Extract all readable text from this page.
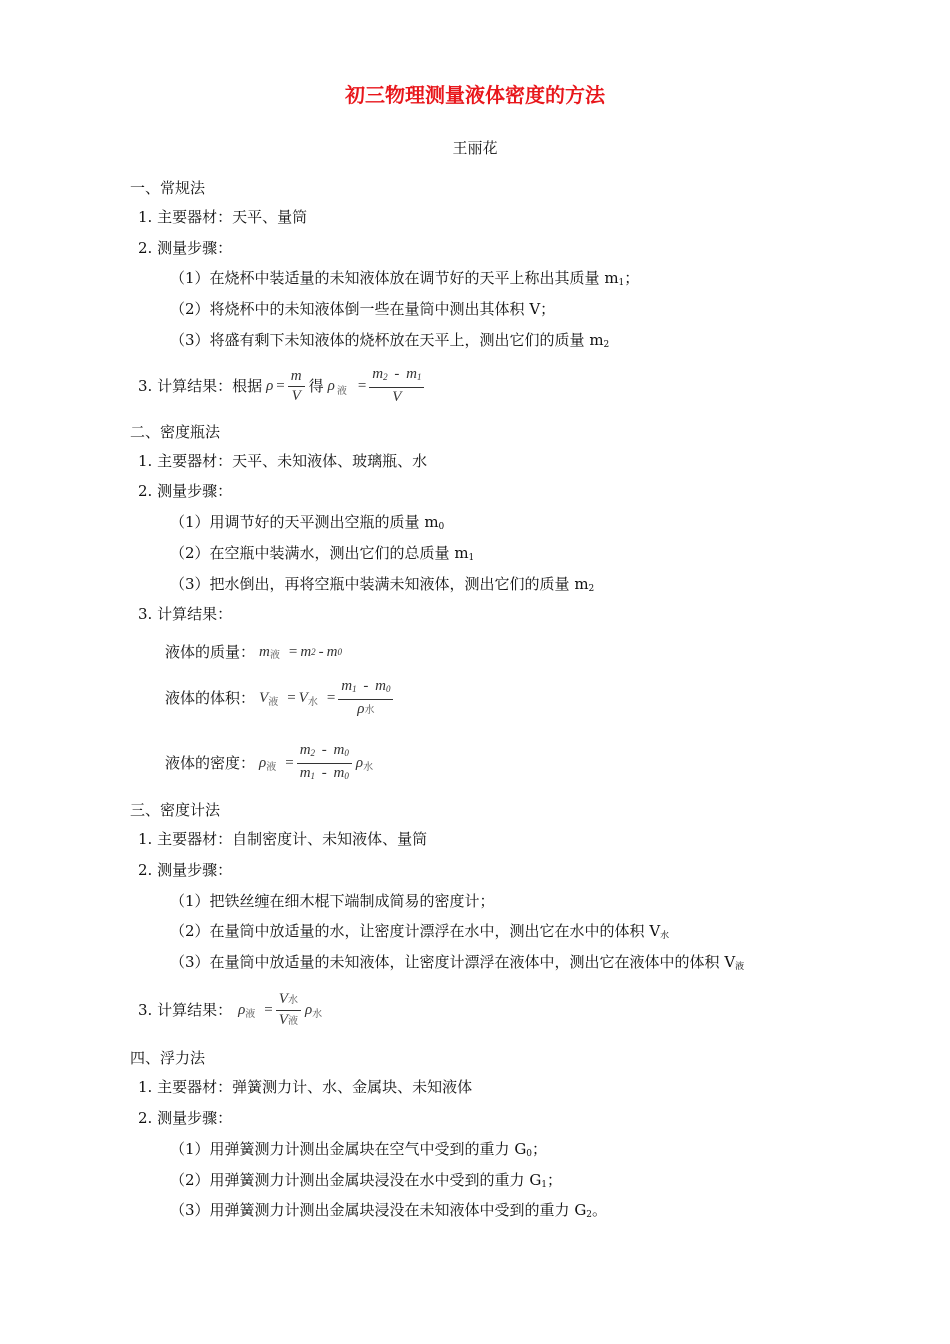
初三物理测量液体密度的方法
王丽花
一、常规法
1. 主要器材：天平、量筒
2. 测量步骤：
（1）在烧杯中装适量的未知液体放在调节好的天平上称出其质量 $m_1$；
（2）将烧杯中的未知液体倒一些在量筒中测出其体积 V；
（3）将盛有剩下未知液体的烧杯放在天平上，测出它们的质量 $m_2$
3. 计算结果：根据 $\rho = \frac{m}{V}$ 得 ρ 液 = $\frac{m_2 - m_1}{V}$
二、密度瓶法
1. 主要器材：天平、未知液体、玻璃瓶、水
2. 测量步骤：
（1）用调节好的天平测出空瓶的质量 $m_0$
（2）在空瓶中装满水，测出它们的总质量 $m_1$
（3）把水倒出，再将空瓶中装满未知液体，测出它们的质量 $m_2$
3. 计算结果：
液体的质量： m 液 = m 2 - m 0
液体的体积： V 液 = V 水 = $\frac{m_1 - m_0}{\text{ρ水}}$
液体的密度： ρ 液 = $\frac{m_2 - m_0}{m_1 - m_0}$ ρ 水
三、密度计法
1. 主要器材：自制密度计、未知液体、量筒
2. 测量步骤：
（1）把铁丝缠在细木棍下端制成简易的密度计；
（2）在量筒中放适量的水，让密度计漂浮在水中，测出它在水中的体积 $V_水$
（3）在量筒中放适量的未知液体，让密度计漂浮在液体中，测出它在液体中的体积 $V_液$
3. 计算结果： ρ 液 = $\frac{\text{V水}}{\text{V液}}$ ρ 水
四、浮力法
1. 主要器材：弹簧测力计、水、金属块、未知液体
2. 测量步骤：
（1）用弹簧测力计测出金属块在空气中受到的重力 $G_0$；
（2）用弹簧测力计测出金属块浸没在水中受到的重力 $G_1$；
（3）用弹簧测力计测出金属块浸没在未知液体中受到的重力 $G_2$。
